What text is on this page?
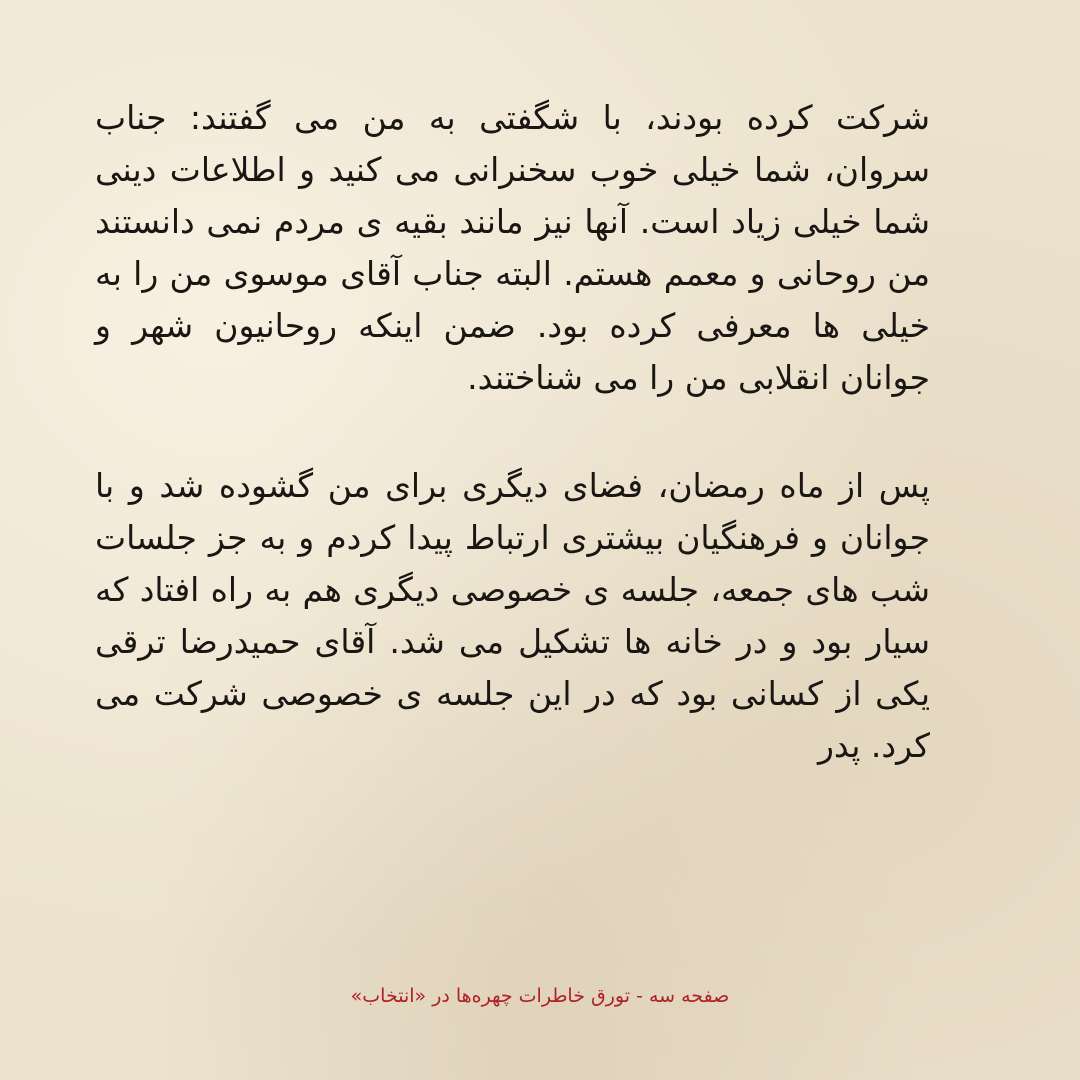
شرکت کرده بودند، با شگفتی به من می گفتند: جناب سروان، شما خیلی خوب سخنرانی می کنید و اطلاعات دینی شما خیلی زیاد است. آنها نیز مانند بقیه ی مردم نمی دانستند من روحانی و معمم هستم. البته جناب آقای موسوی من را به خیلی ها معرفی کرده بود. ضمن اینکه روحانیون شهر و جوانان انقلابی من را می شناختند.

پس از ماه رمضان، فضای دیگری برای من گشوده شد و با جوانان و فرهنگیان بیشتری ارتباط پیدا کردم و به جز جلسات شب های جمعه، جلسه ی خصوصی دیگری هم به راه افتاد که سیار بود و در خانه ها تشکیل می شد. آقای حمیدرضا ترقی یکی از کسانی بود که در این جلسه ی خصوصی شرکت می کرد. پدر

صفحه سه - تورق خاطرات چهره‌ها در «انتخاب»
